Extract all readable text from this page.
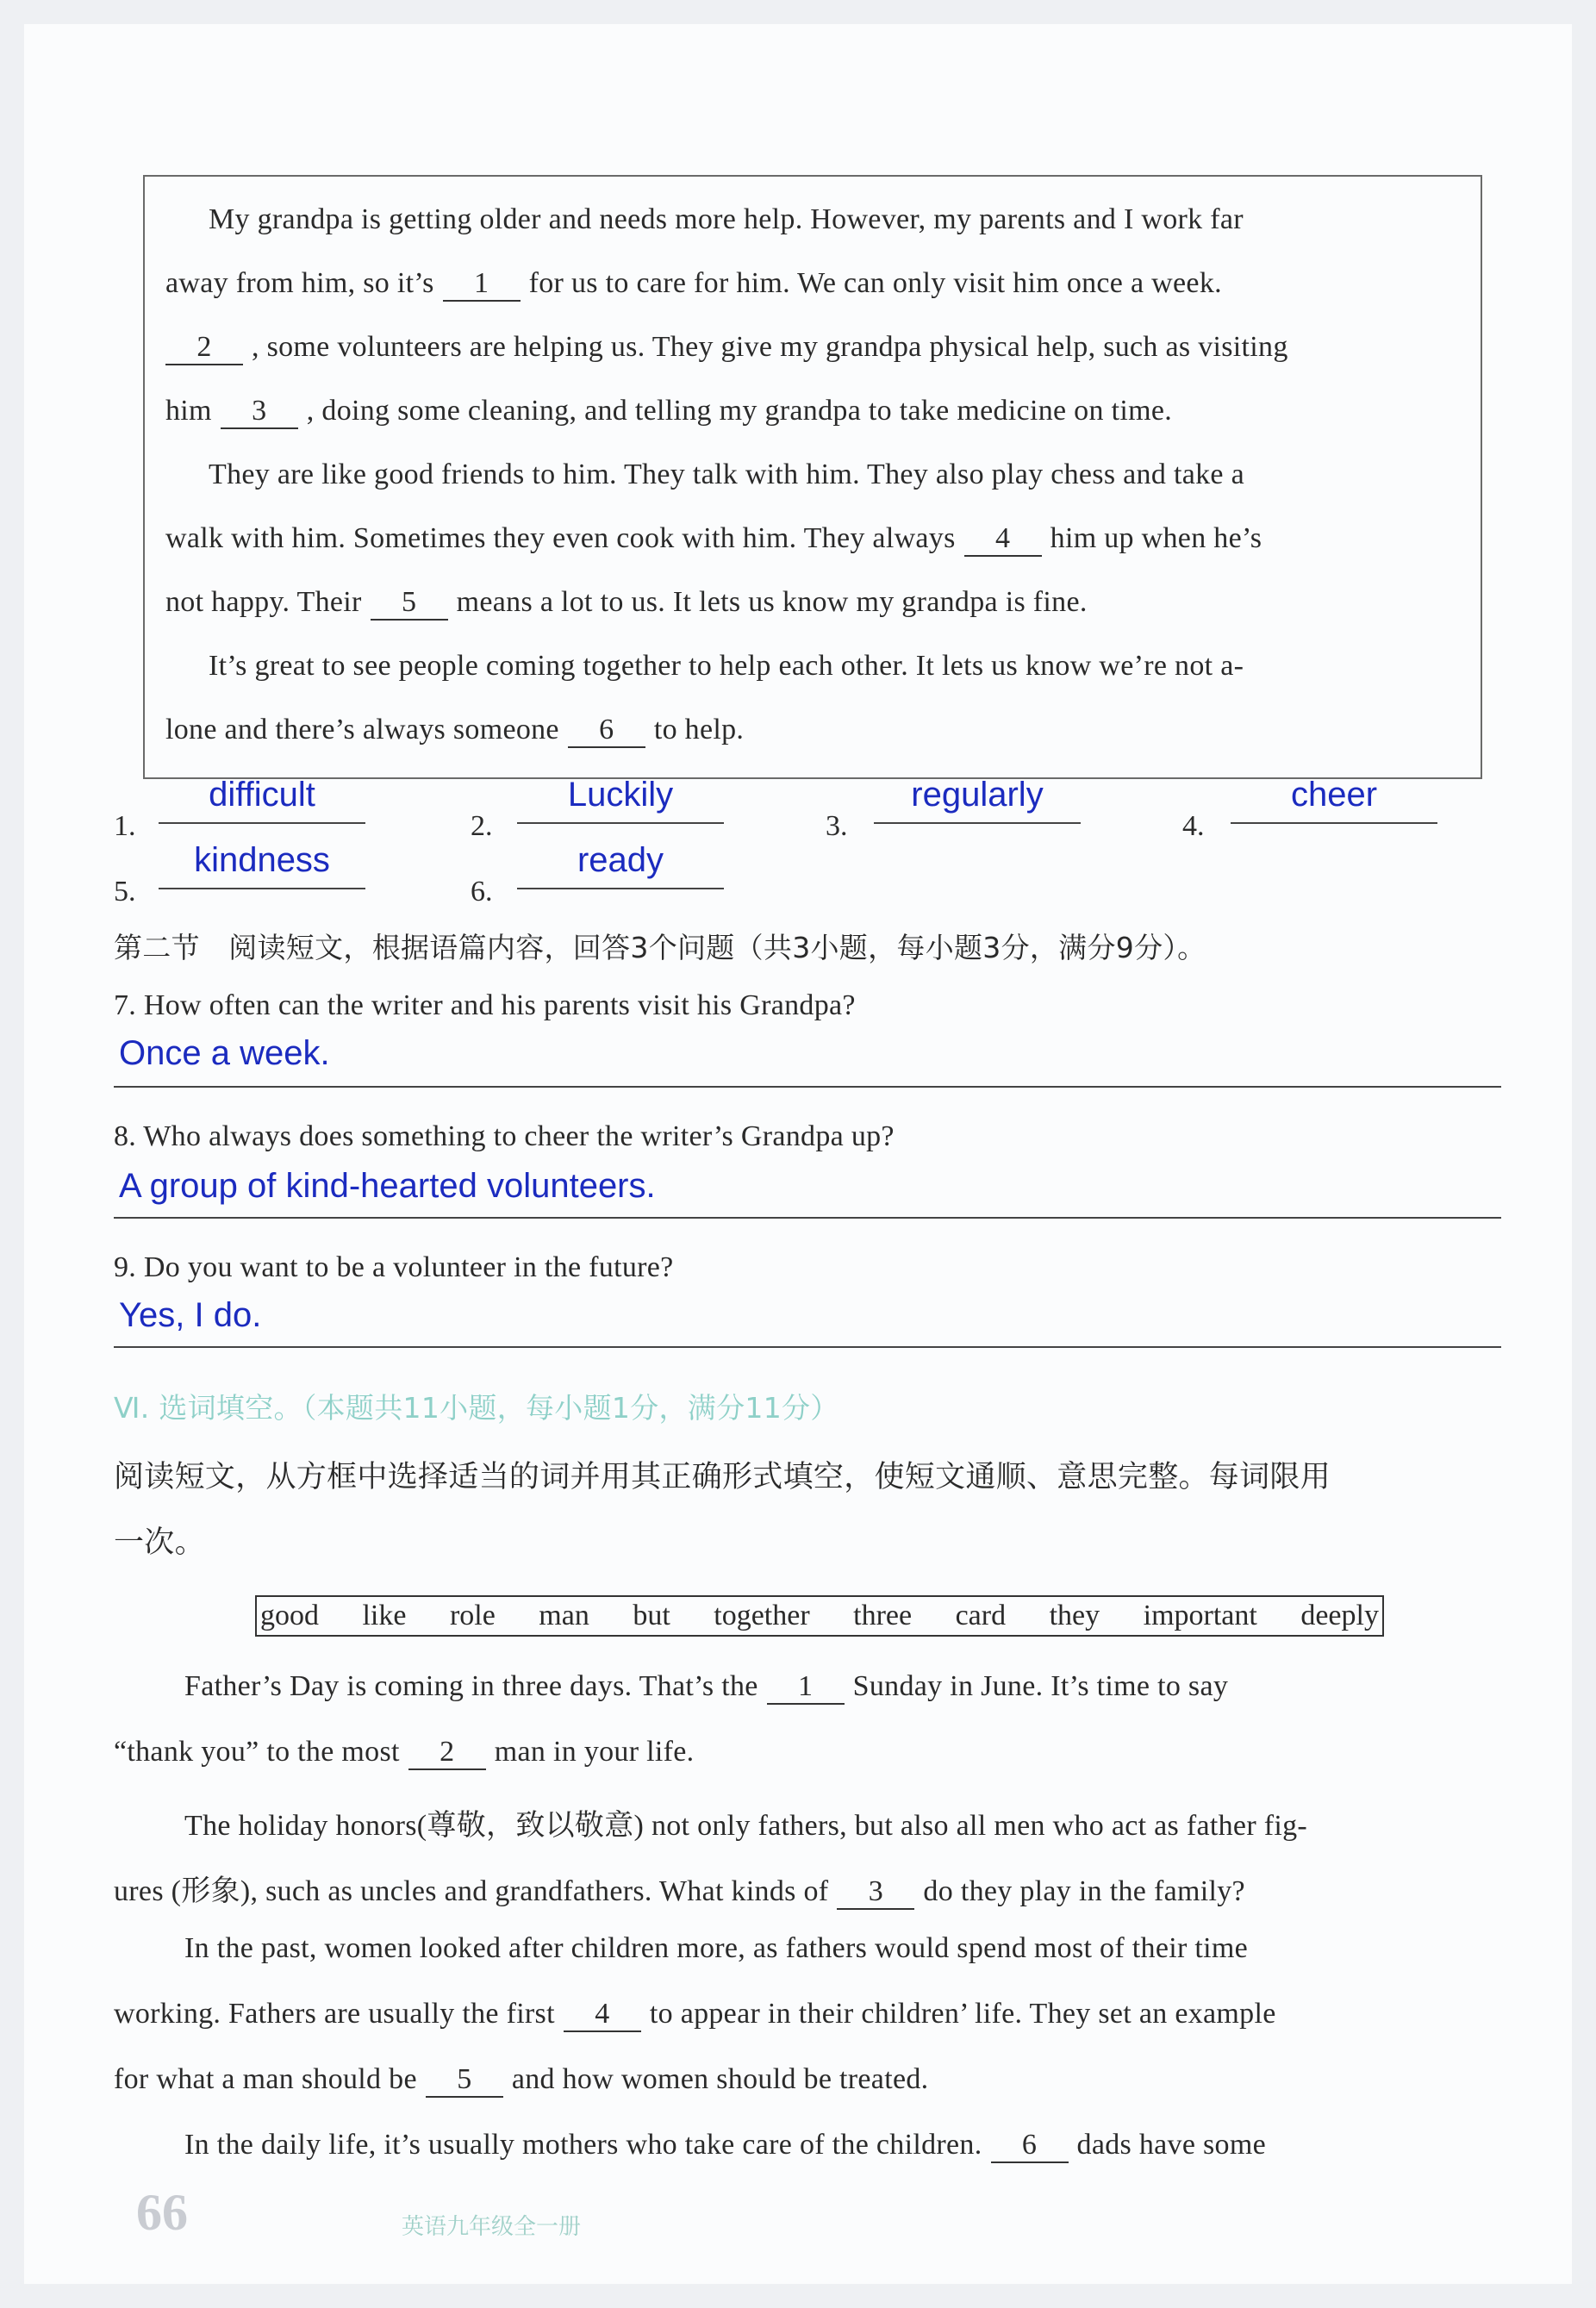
My grandpa is getting older and needs more help. However, my parents and I work far
away from him, so it’s 1 for us to care for him. We can only visit him once a week.
2 , some volunteers are helping us. They give my grandpa physical help, such as visiting
him 3 , doing some cleaning, and telling my grandpa to take medicine on time.
They are like good friends to him. They talk with him. They also play chess and take a
walk with him. Sometimes they even cook with him. They always 4 him up when he’s
not happy. Their 5 means a lot to us. It lets us know my grandpa is fine.
It’s great to see people coming together to help each other. It lets us know we’re not a-
lone and there’s always someone 6 to help.
1.
difficult
2.
Luckily
3.
regularly
4.
cheer
5.
kindness
6.
ready
第二节　阅读短文，根据语篇内容，回答3个问题（共3小题，每小题3分，满分9分）。
7. How often can the writer and his parents visit his Grandpa?
Once a week.
8. Who always does something to cheer the writer’s Grandpa up?
A group of kind-hearted volunteers.
9. Do you want to be a volunteer in the future?
Yes, I do.
Ⅵ. 选词填空。（本题共11小题，每小题1分，满分11分）
阅读短文，从方框中选择适当的词并用其正确形式填空，使短文通顺、意思完整。每词限用
一次。
good like role man but together three card they important deeply
Father’s Day is coming in three days. That’s the 1 Sunday in June. It’s time to say
“thank you” to the most 2 man in your life.
The holiday honors(尊敬，致以敬意) not only fathers, but also all men who act as father fig-
ures (形象), such as uncles and grandfathers. What kinds of 3 do they play in the family?
In the past, women looked after children more, as fathers would spend most of their time
working. Fathers are usually the first 4 to appear in their children’ life. They set an example
for what a man should be 5 and how women should be treated.
In the daily life, it’s usually mothers who take care of the children. 6 dads have some
66	英语九年级全一册
